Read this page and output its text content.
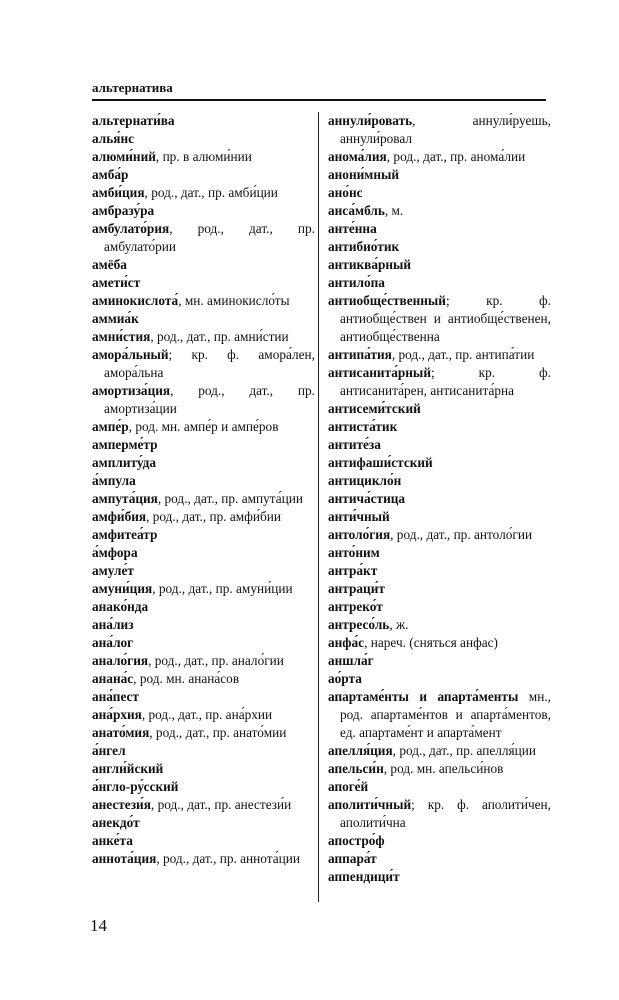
альтернатива

альтернати́ва

алья́нс

алюми́ний, пр. в алюми́нии

амба́р

амби́ция, род., дат., пр. амби́ции

амбразу́ра

амбулато́рия, род., дат., пр. амбулато́рии

амёба

амети́ст

аминокислота́, мн. аминокисло́ты

аммиа́к

амни́стия, род., дат., пр. амни́стии

амора́льный; кр. ф. амора́лен, амора́льна

амортиза́ция, род., дат., пр. амортиза́ции

ампе́р, род. мн. ампе́р и ампе́ров

амперме́тр

амплиту́да

а́мпула

ампута́ция, род., дат., пр. ампута́ции

амфи́бия, род., дат., пр. амфи́бии

амфитеа́тр

а́мфора

амуле́т

амуни́ция, род., дат., пр. амуни́ции

анако́нда

ана́лиз

ана́лог

анало́гия, род., дат., пр. анало́гии

анана́с, род. мн. анана́сов

ана́пест

ана́рхия, род., дат., пр. ана́рхии

анато́мия, род., дат., пр. анато́мии

а́нгел

англи́йский

а́нгло-ру́сский

анестези́я, род., дат., пр. анестези́и

анекдо́т

анке́та

аннота́ция, род., дат., пр. аннота́ции

аннули́ровать, аннули́руешь, аннули́ровал

анома́лия, род., дат., пр. анома́лии

анони́мный

ано́нс

анса́мбль, м.

анте́нна

антибио́тик

антиква́рный

антило́па

антиобще́ственный; кр. ф. антиобще́ствен и антиобще́ственен, антиобще́ственна

антипа́тия, род., дат., пр. антипа́тии

антисанита́рный; кр. ф. антисанита́рен, антисанита́рна

антисеми́тский

антиста́тик

антите́за

антифаши́стский

антицикло́н

антича́стица

анти́чный

антоло́гия, род., дат., пр. антоло́гии

анто́ним

антра́кт

антраци́т

антреко́т

антресо́ль, ж.

анфа́с, нареч. (сняться анфас)

аншла́г

ао́рта

апартаме́нты и апарта́менты мн., род. апартаме́нтов и апарта́ментов, ед. апартаме́нт и апарта́мент

апелля́ция, род., дат., пр. апелля́ции

апельси́н, род. мн. апельси́нов

апоге́й

аполити́чный; кр. ф. аполити́чен, аполити́чна

апостро́ф

аппара́т

аппендици́т

14
